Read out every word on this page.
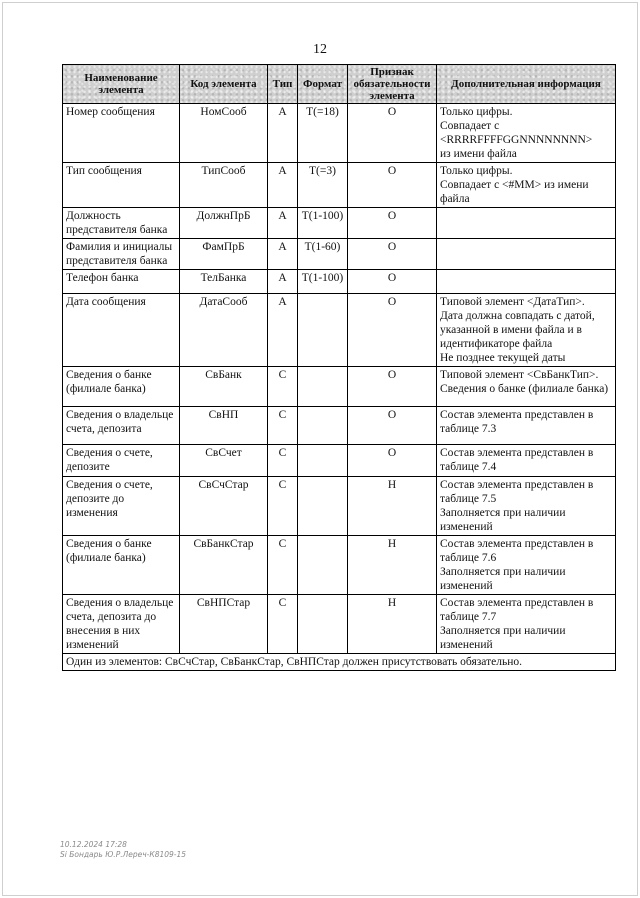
12
Наименование элемента	Код элемента	Тип	Формат	Признак обязательности элемента	Дополнительная информация
Номер сообщения	НомСооб	А	Т(=18)	О	Только цифры.
Совпадает с
<RRRRFFFFGGNNNNNNNN>
из имени файла
Тип сообщения	ТипСооб	А	Т(=3)	О	Только цифры.
Совпадает с <#MM> из имени файла
Должность представителя банка	ДолжнПрБ	А	Т(1-100)	О	
Фамилия и инициалы представителя банка	ФамПрБ	А	Т(1-60)	О	
Телефон банка	ТелБанка	А	Т(1-100)	О	
Дата сообщения	ДатаСооб	А		О	Типовой элемент <ДатаТип>.
Дата должна совпадать с датой, указанной в имени файла и в идентификаторе файла
Не позднее текущей даты
Сведения о банке (филиале банка)	СвБанк	С		О	Типовой элемент <СвБанкТип>.
Сведения о банке (филиале банка)
Сведения о владельце счета, депозита	СвНП	С		О	Состав элемента представлен в таблице 7.3
Сведения о счете, депозите	СвСчет	С		О	Состав элемента представлен в таблице 7.4
Сведения о счете, депозите до изменения	СвСчСтар	С		Н	Состав элемента представлен в таблице 7.5
Заполняется при наличии изменений
Сведения о банке (филиале банка)	СвБанкСтар	С		Н	Состав элемента представлен в таблице 7.6
Заполняется при наличии изменений
Сведения о владельце счета, депозита до внесения в них изменений	СвНПСтар	С		Н	Состав элемента представлен в таблице 7.7
Заполняется при наличии изменений
Один из элементов: СвСчСтар, СвБанкСтар, СвНПСтар должен присутствовать обязательно.					
10.12.2024 17:28
Si Бондарь Ю.Р.Лереч-К8109-15
